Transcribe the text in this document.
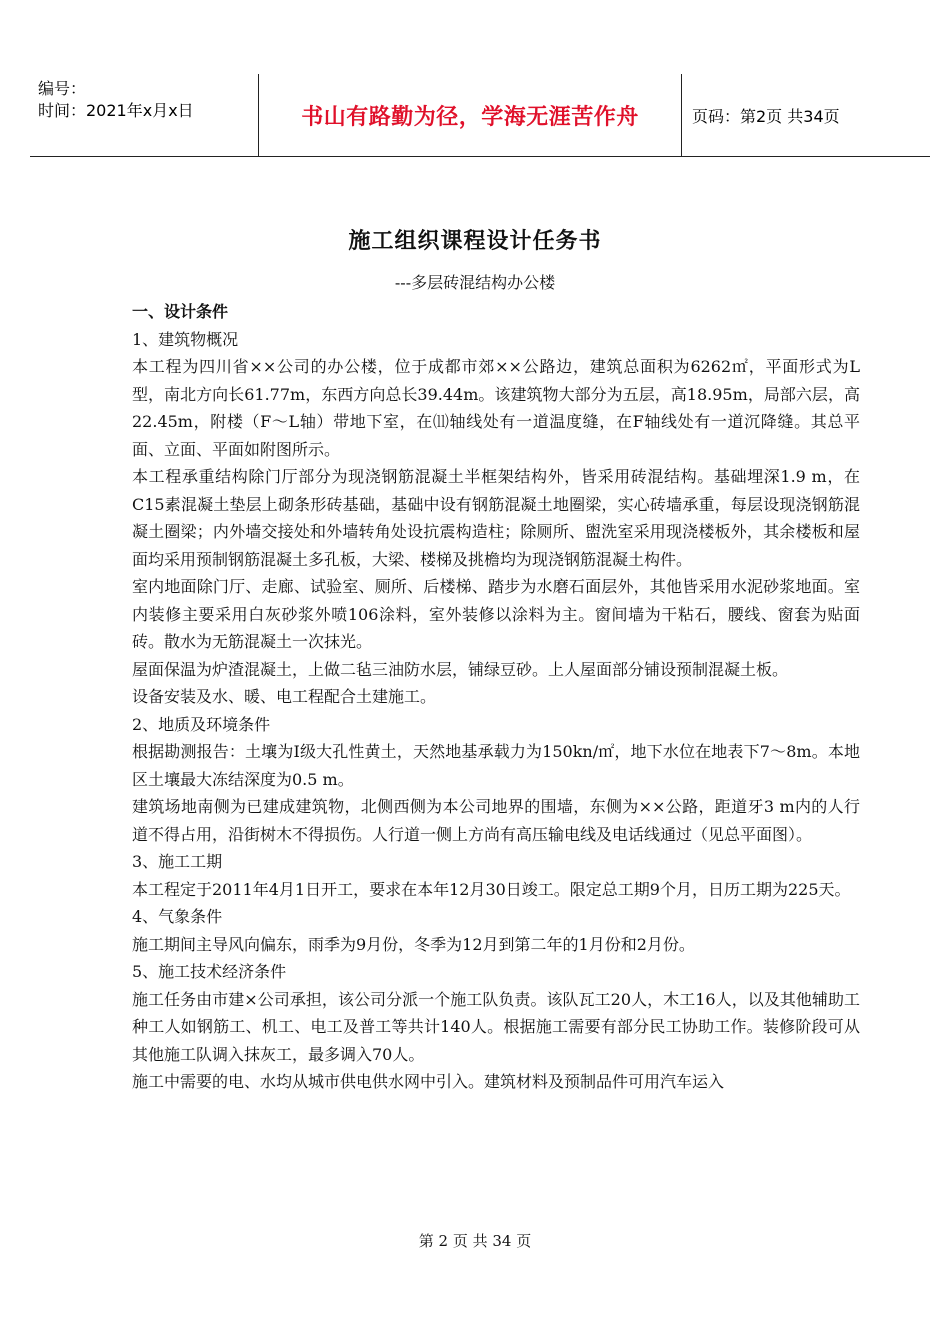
编号：
时间：2021年x月x日	书山有路勤为径，学海无涯苦作舟	页码：第2页 共34页
施工组织课程设计任务书
---多层砖混结构办公楼

一、设计条件

1、建筑物概况

本工程为四川省××公司的办公楼，位于成都市郊××公路边，建筑总面积为6262㎡，平面形式为L型，南北方向长61.77m，东西方向总长39.44m。该建筑物大部分为五层，高18.95m，局部六层，高22.45m，附楼（F～L轴）带地下室，在⑾轴线处有一道温度缝，在F轴线处有一道沉降缝。其总平面、立面、平面如附图所示。

本工程承重结构除门厅部分为现浇钢筋混凝土半框架结构外，皆采用砖混结构。基础埋深1.9 m，在C15素混凝土垫层上砌条形砖基础，基础中设有钢筋混凝土地圈梁，实心砖墙承重，每层设现浇钢筋混凝土圈梁；内外墙交接处和外墙转角处设抗震构造柱；除厕所、盥洗室采用现浇楼板外，其余楼板和屋面均采用预制钢筋混凝土多孔板，大梁、楼梯及挑檐均为现浇钢筋混凝土构件。

室内地面除门厅、走廊、试验室、厕所、后楼梯、踏步为水磨石面层外，其他皆采用水泥砂浆地面。室内装修主要采用白灰砂浆外喷106涂料，室外装修以涂料为主。窗间墙为干粘石，腰线、窗套为贴面砖。散水为无筋混凝土一次抹光。

屋面保温为炉渣混凝土，上做二毡三油防水层，铺绿豆砂。上人屋面部分铺设预制混凝土板。

设备安装及水、暖、电工程配合土建施工。

2、地质及环境条件

根据勘测报告：土壤为Ⅰ级大孔性黄土，天然地基承载力为150kn/㎡，地下水位在地表下7～8m。本地区土壤最大冻结深度为0.5 m。

建筑场地南侧为已建成建筑物，北侧西侧为本公司地界的围墙，东侧为××公路，距道牙3 m内的人行道不得占用，沿街树木不得损伤。人行道一侧上方尚有高压输电线及电话线通过（见总平面图）。

3、施工工期

本工程定于2011年4月1日开工，要求在本年12月30日竣工。限定总工期9个月，日历工期为225天。

4、气象条件

施工期间主导风向偏东，雨季为9月份，冬季为12月到第二年的1月份和2月份。

5、施工技术经济条件

施工任务由市建×公司承担，该公司分派一个施工队负责。该队瓦工20人，木工16人，以及其他辅助工种工人如钢筋工、机工、电工及普工等共计140人。根据施工需要有部分民工协助工作。装修阶段可从其他施工队调入抹灰工，最多调入70人。

施工中需要的电、水均从城市供电供水网中引入。建筑材料及预制品件可用汽车运入

第 2 页 共 34 页
